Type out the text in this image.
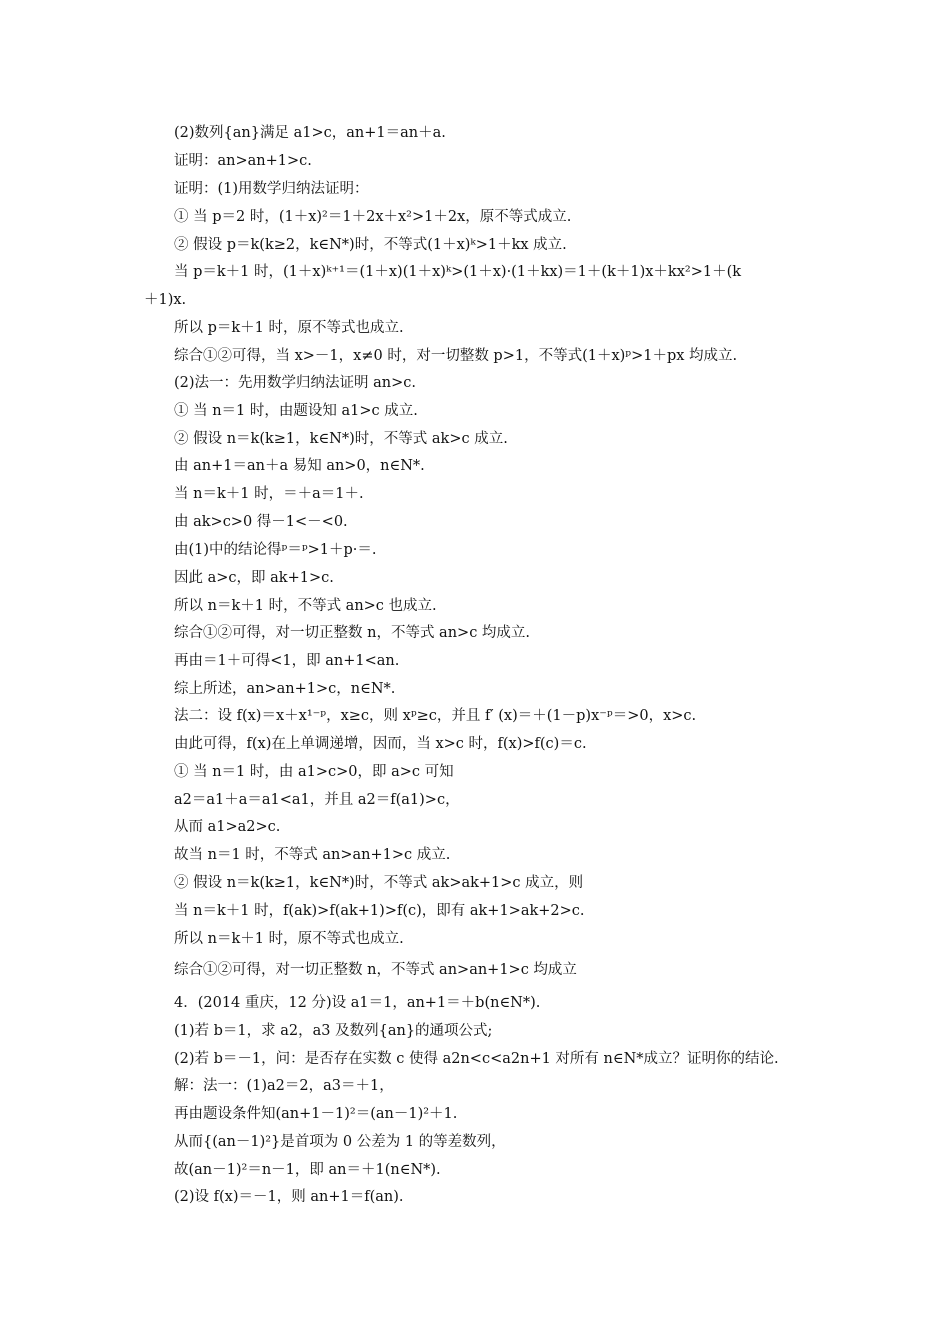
(2)数列{an}满足 a1>c，an+1＝an＋a.
证明：an>an+1>c.
证明：(1)用数学归纳法证明：
① 当 p＝2 时，(1＋x)²＝1＋2x＋x²>1＋2x，原不等式成立.
② 假设 p＝k(k≥2，k∈N*)时，不等式(1＋x)ᵏ>1＋kx 成立.
当 p＝k＋1 时，(1＋x)ᵏ⁺¹＝(1＋x)(1＋x)ᵏ>(1＋x)·(1＋kx)＝1＋(k＋1)x＋kx²>1＋(k
＋1)x.
所以 p＝k＋1 时，原不等式也成立.
综合①②可得，当 x>－1，x≠0 时，对一切整数 p>1，不等式(1＋x)ᵖ>1＋px 均成立.
(2)法一：先用数学归纳法证明 an>c.
① 当 n＝1 时，由题设知 a1>c 成立.
② 假设 n＝k(k≥1，k∈N*)时，不等式 ak>c 成立.
由 an+1＝an＋a 易知 an>0，n∈N*.
当 n＝k＋1 时，＝＋a＝1＋.
由 ak>c>0 得－1<－<0.
由(1)中的结论得ᵖ＝ᵖ>1＋p·＝.
因此 a>c，即 ak+1>c.
所以 n＝k＋1 时，不等式 an>c 也成立.
综合①②可得，对一切正整数 n，不等式 an>c 均成立.
再由＝1＋可得<1，即 an+1<an.
综上所述，an>an+1>c，n∈N*.
法二：设 f(x)＝x＋x¹⁻ᵖ，x≥c，则 xᵖ≥c，并且 f′ (x)＝＋(1－p)x⁻ᵖ＝>0，x>c.
由此可得，f(x)在上单调递增，因而，当 x>c 时，f(x)>f(c)＝c.
① 当 n＝1 时，由 a1>c>0，即 a>c 可知
a2＝a1＋a＝a1<a1，并且 a2＝f(a1)>c，
从而 a1>a2>c.
故当 n＝1 时，不等式 an>an+1>c 成立.
② 假设 n＝k(k≥1，k∈N*)时，不等式 ak>ak+1>c 成立，则
当 n＝k＋1 时，f(ak)>f(ak+1)>f(c)，即有 ak+1>ak+2>c.
所以 n＝k＋1 时，原不等式也成立.
综合①②可得，对一切正整数 n，不等式 an>an+1>c 均成立
4．(2014 重庆，12 分)设 a1＝1，an+1＝＋b(n∈N*).
(1)若 b＝1，求 a2，a3 及数列{an}的通项公式;
(2)若 b＝－1，问：是否存在实数 c 使得 a2n<c<a2n+1 对所有 n∈N*成立？证明你的结论.
解：法一：(1)a2＝2，a3＝＋1，
再由题设条件知(an+1－1)²＝(an－1)²＋1.
从而{(an－1)²}是首项为 0 公差为 1 的等差数列，
故(an－1)²＝n－1，即 an＝＋1(n∈N*).
(2)设 f(x)＝－1，则 an+1＝f(an).
